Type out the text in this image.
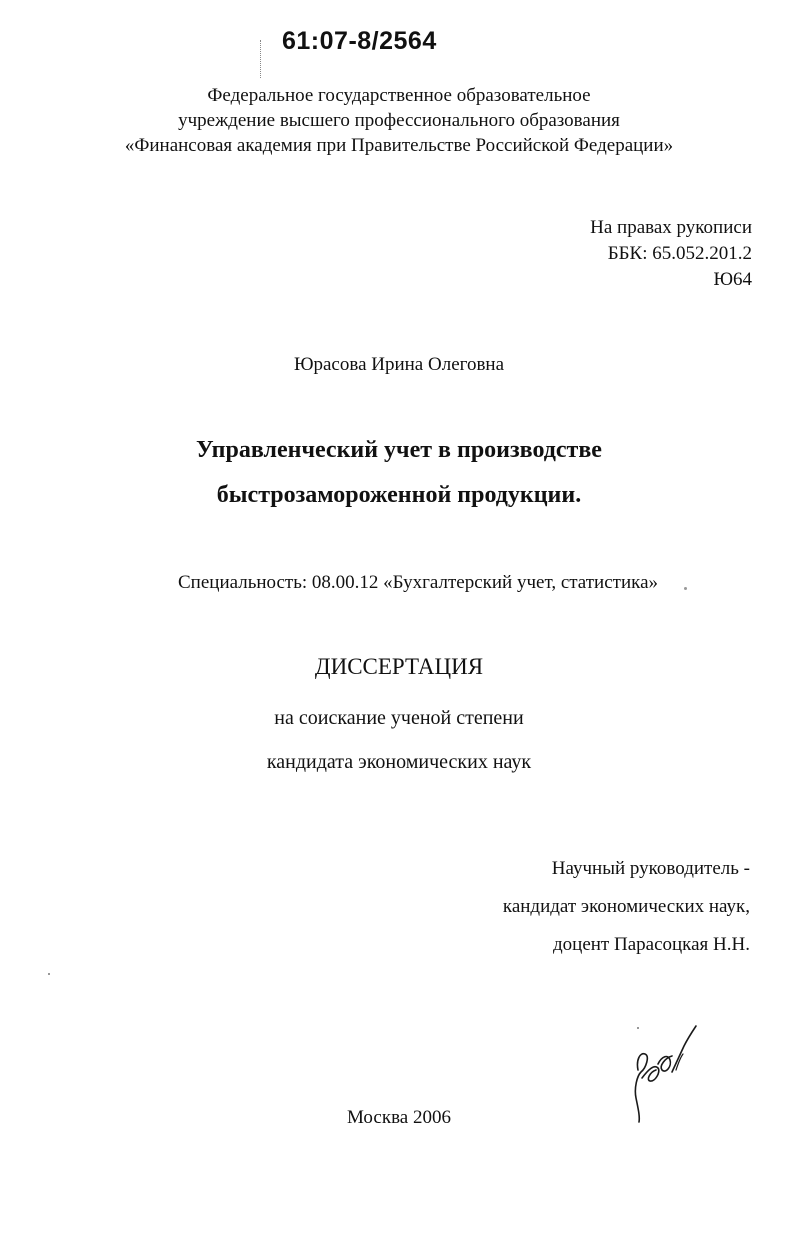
61:07-8/2564

Федеральное государственное образовательное
учреждение высшего профессионального образования
«Финансовая академия при Правительстве Российской Федерации»
На правах рукописи
ББК: 65.052.201.2
Ю64

Юрасова Ирина Олеговна

Управленческий учет в производстве
быстрозамороженной продукции.

Специальность: 08.00.12 «Бухгалтерский учет, статистика»

ДИССЕРТАЦИЯ

на соискание ученой степени
кандидата экономических наук
Научный руководитель -
кандидат экономических наук,
доцент Парасоцкая Н.Н.

Москва 2006
